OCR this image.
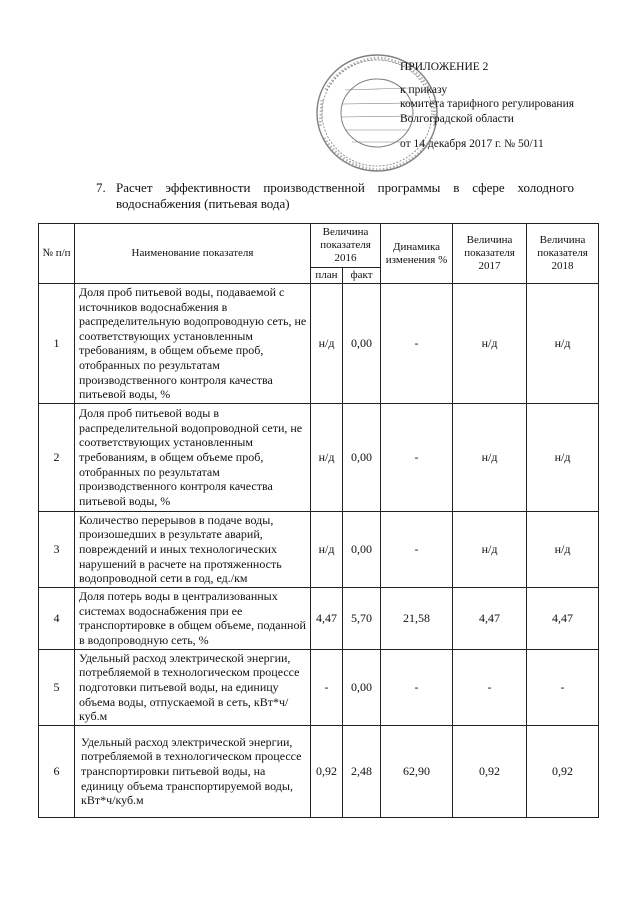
ПРИЛОЖЕНИЕ 2
к приказу
комитета тарифного регулирования
Волгоградской области
от 14 декабря 2017 г. № 50/11
7. Расчет эффективности производственной программы в сфере холодного
водоснабжения (питьевая вода)
№ п/п	Наименование показателя	Величина показателя 2016		Динамика изменения %	Величина показателя 2017	Величина показателя 2018
		план	факт			
1	Доля проб питьевой воды, подаваемой с источников водоснабжения в распределительную водопроводную сеть, не соответствующих установленным требованиям, в общем объеме проб, отобранных по результатам производственного контроля качества питьевой воды, %	н/д	0,00	-	н/д	н/д
2	Доля проб питьевой воды в распределительной водопроводной сети, не соответствующих установленным требованиям, в общем объеме проб, отобранных по результатам производственного контроля качества питьевой воды, %	н/д	0,00	-	н/д	н/д
3	Количество перерывов в подаче воды, произошедших в результате аварий, повреждений и иных технологических нарушений в расчете на протяженность водопроводной сети в год, ед./км	н/д	0,00	-	н/д	н/д
4	Доля потерь воды в централизованных системах водоснабжения при ее транспортировке в общем объеме, поданной в водопроводную сеть, %	4,47	5,70	21,58	4,47	4,47
5	Удельный расход электрической энергии, потребляемой в технологическом процессе подготовки питьевой воды, на единицу объема воды, отпускаемой в сеть, кВт*ч/куб.м	-	0,00	-	-	-
6	Удельный расход электрической энергии, потребляемой в технологическом процессе транспортировки питьевой воды, на единицу объема транспортируемой воды, кВт*ч/куб.м	0,92	2,48	62,90	0,92	0,92
